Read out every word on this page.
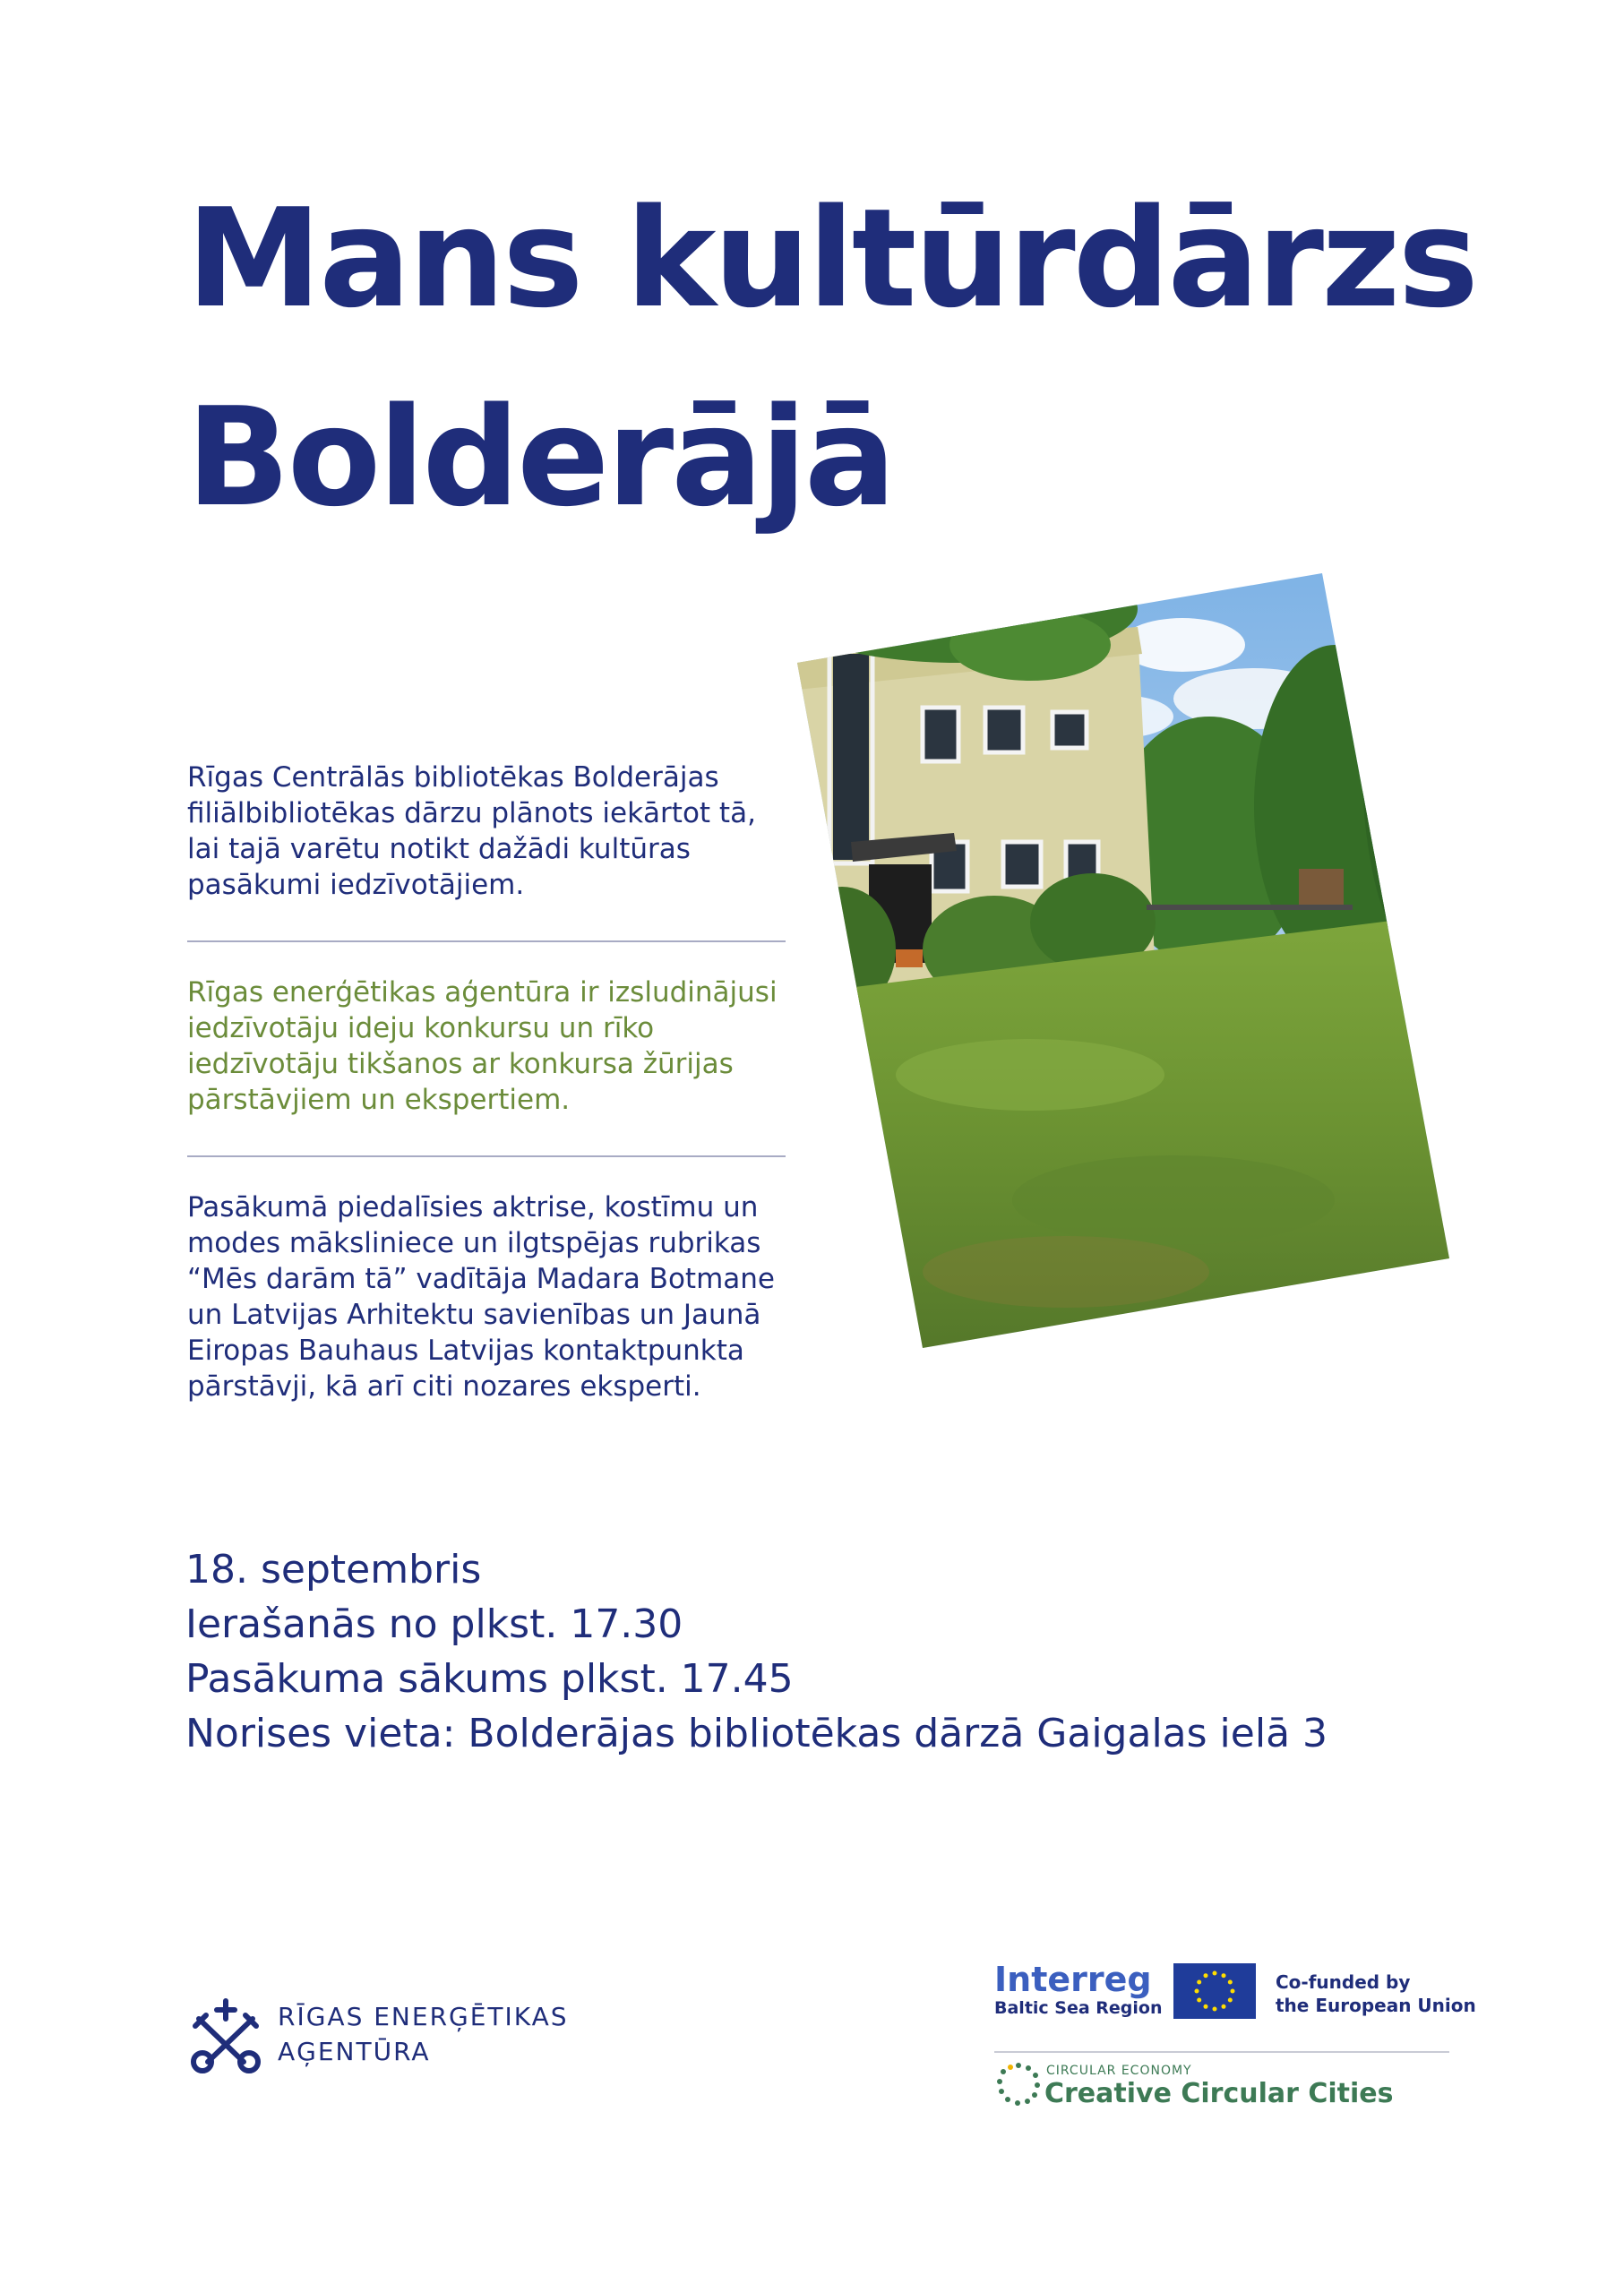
Mans kultūrdārzs
Bolderājā

Rīgas Centrālās bibliotēkas Bolderājas
filiālbibliotēkas dārzu plānots iekārtot tā,
lai tajā varētu notikt dažādi kultūras
pasākumi iedzīvotājiem.

Rīgas enerģētikas aģentūra ir izsludinājusi
iedzīvotāju ideju konkursu un rīko
iedzīvotāju tikšanos ar konkursa žūrijas
pārstāvjiem un ekspertiem.

Pasākumā piedalīsies aktrise, kostīmu un
modes māksliniece un ilgtspējas rubrikas
“Mēs darām tā” vadītāja Madara Botmane
un Latvijas Arhitektu savienības un Jaunā
Eiropas Bauhaus Latvijas kontaktpunkta
pārstāvji, kā arī citi nozares eksperti.

18. septembris
Ierašanās no plkst. 17.30
Pasākuma sākums plkst. 17.45
Norises vieta: Bolderājas bibliotēkas dārzā Gaigalas ielā 3

RĪGAS ENERĢĒTIKAS
AĢENTŪRA
Interreg
Baltic Sea Region
Co-funded by
the European Union
CIRCULAR ECONOMY
Creative Circular Cities
